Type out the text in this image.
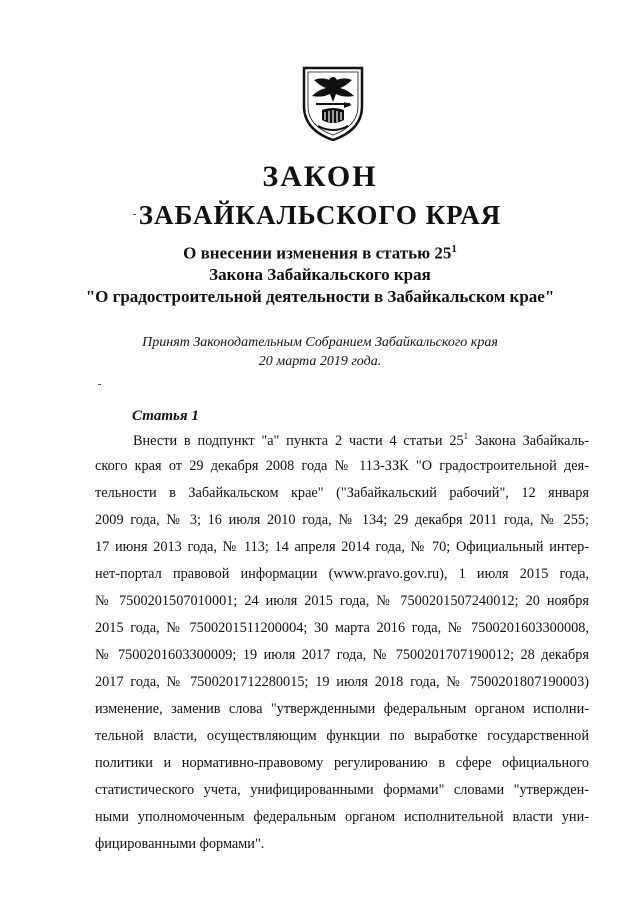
ЗАКОН
ЗАБАЙКАЛЬСКОГО КРАЯ
О внесении изменения в статью $25^1$
Закона Забайкальского края
"О градостроительной деятельности в Забайкальском крае"
Принят Законодательным Собранием Забайкальского края
20 марта 2019 года.
Статья 1
Внести в подпункт "а" пункта 2 части 4 статьи $25^1$ Закона Забайкаль-
ского края от 29 декабря 2008 года № 113-ЗЗК "О градостроительной дея-
тельности в Забайкальском крае" ("Забайкальский рабочий", 12 января
2009 года, № 3; 16 июля 2010 года, № 134; 29 декабря 2011 года, № 255;
17 июня 2013 года, № 113; 14 апреля 2014 года, № 70; Официальный интер-
нет-портал правовой информации (www.pravo.gov.ru), 1 июля 2015 года,
№ 7500201507010001; 24 июля 2015 года, № 7500201507240012; 20 ноября
2015 года, № 7500201511200004; 30 марта 2016 года, № 7500201603300008,
№ 7500201603300009; 19 июля 2017 года, № 7500201707190012; 28 декабря
2017 года, № 7500201712280015; 19 июля 2018 года, № 7500201807190003)
изменение, заменив слова "утвержденными федеральным органом исполни-
тельной власти, осуществляющим функции по выработке государственной
политики и нормативно-правовому регулированию в сфере официального
статистического учета, унифицированными формами" словами "утвержден-
ными уполномоченным федеральным органом исполнительной власти уни-
фицированными формами".
